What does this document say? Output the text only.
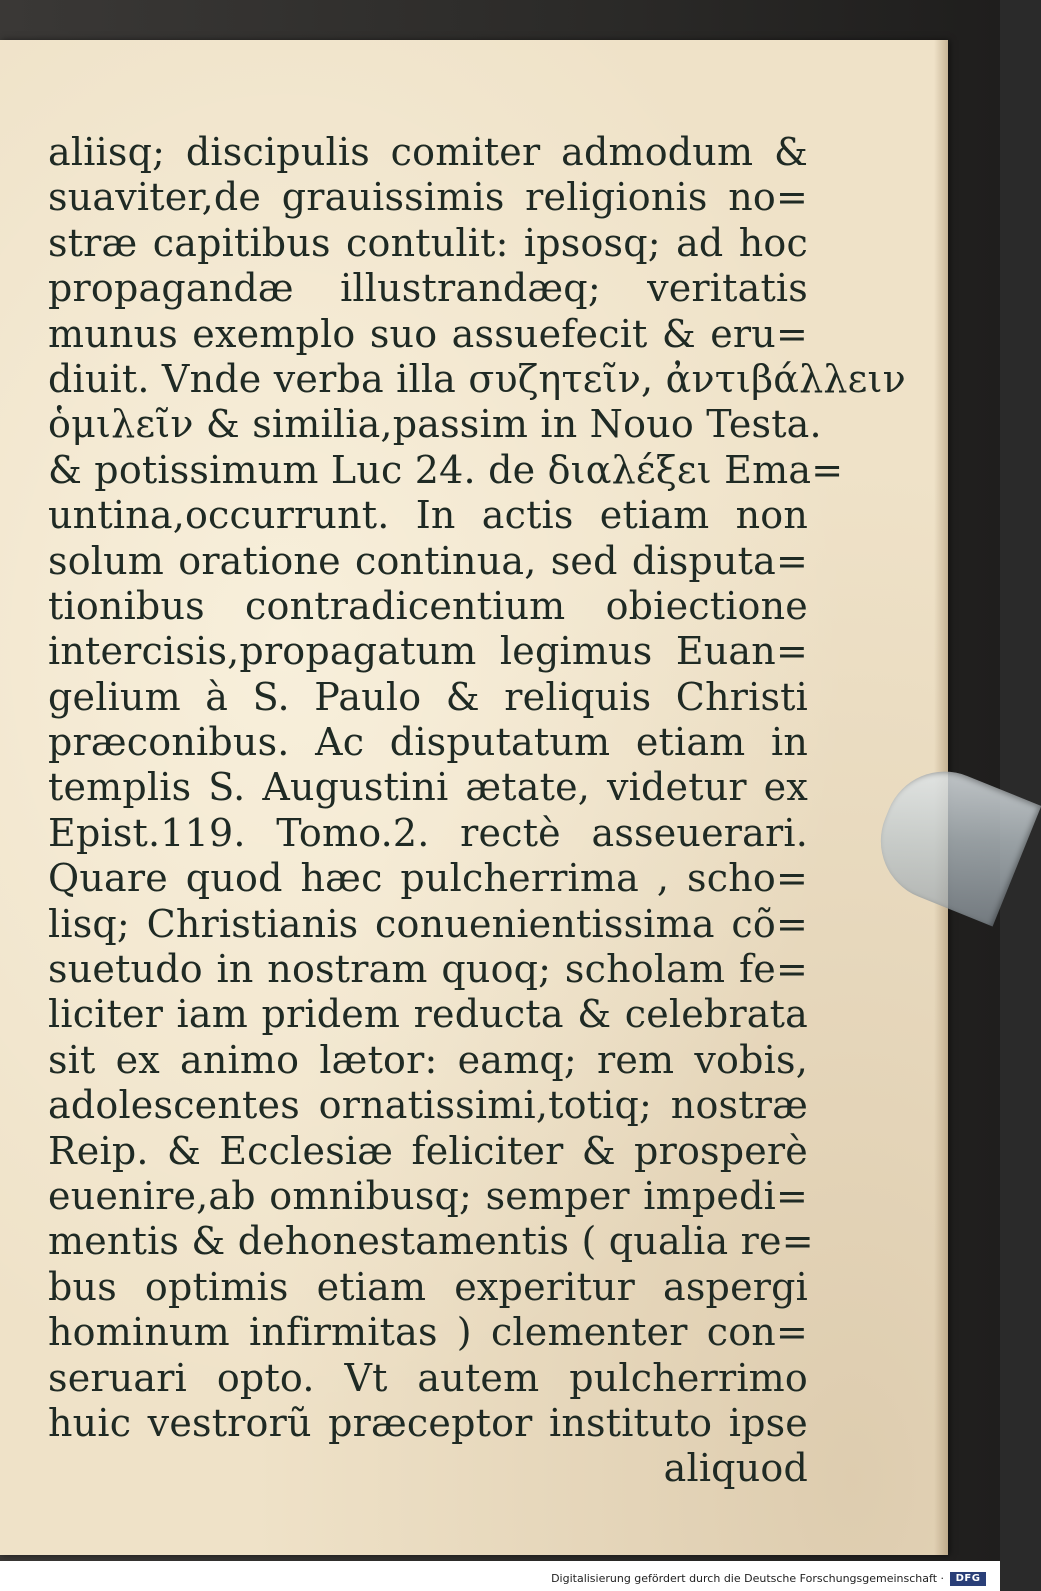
aliisq; discipulis comiter admodum &
suaviter,de grauissimis religionis no=
stræ capitibus contulit: ipsosq; ad hoc
propagandæ illustrandæq; veritatis
munus exemplo suo assuefecit & eru=
diuit. Vnde verba illa συζητεῖν, ἀντιβάλλειν
ὁμιλεῖν & similia,passim in Nouo Testa.
& potissimum Luc 24. de διαλέξει Ema=
untina,occurrunt. In actis etiam non
solum oratione continua, sed disputa=
tionibus contradicentium obiectione
intercisis,propagatum legimus Euan=
gelium à S. Paulo & reliquis Christi
præconibus. Ac disputatum etiam in
templis S. Augustini ætate, videtur ex
Epist.119. Tomo.2. rectè asseuerari.
Quare quod hæc pulcherrima , scho=
lisq; Christianis conuenientissima cõ=
suetudo in nostram quoq; scholam fe=
liciter iam pridem reducta & celebrata
sit ex animo lætor: eamq; rem vobis,
adolescentes ornatissimi,totiq; nostræ
Reip. & Ecclesiæ feliciter & prosperè
euenire,ab omnibusq; semper impedi=
mentis & dehonestamentis ( qualia re=
bus optimis etiam experitur aspergi
hominum infirmitas ) clementer con=
seruari opto. Vt autem pulcherrimo
huic vestrorũ præceptor instituto ipse
aliquod
Digitalisierung gefördert durch die Deutsche Forschungsgemeinschaft ·	DFG
